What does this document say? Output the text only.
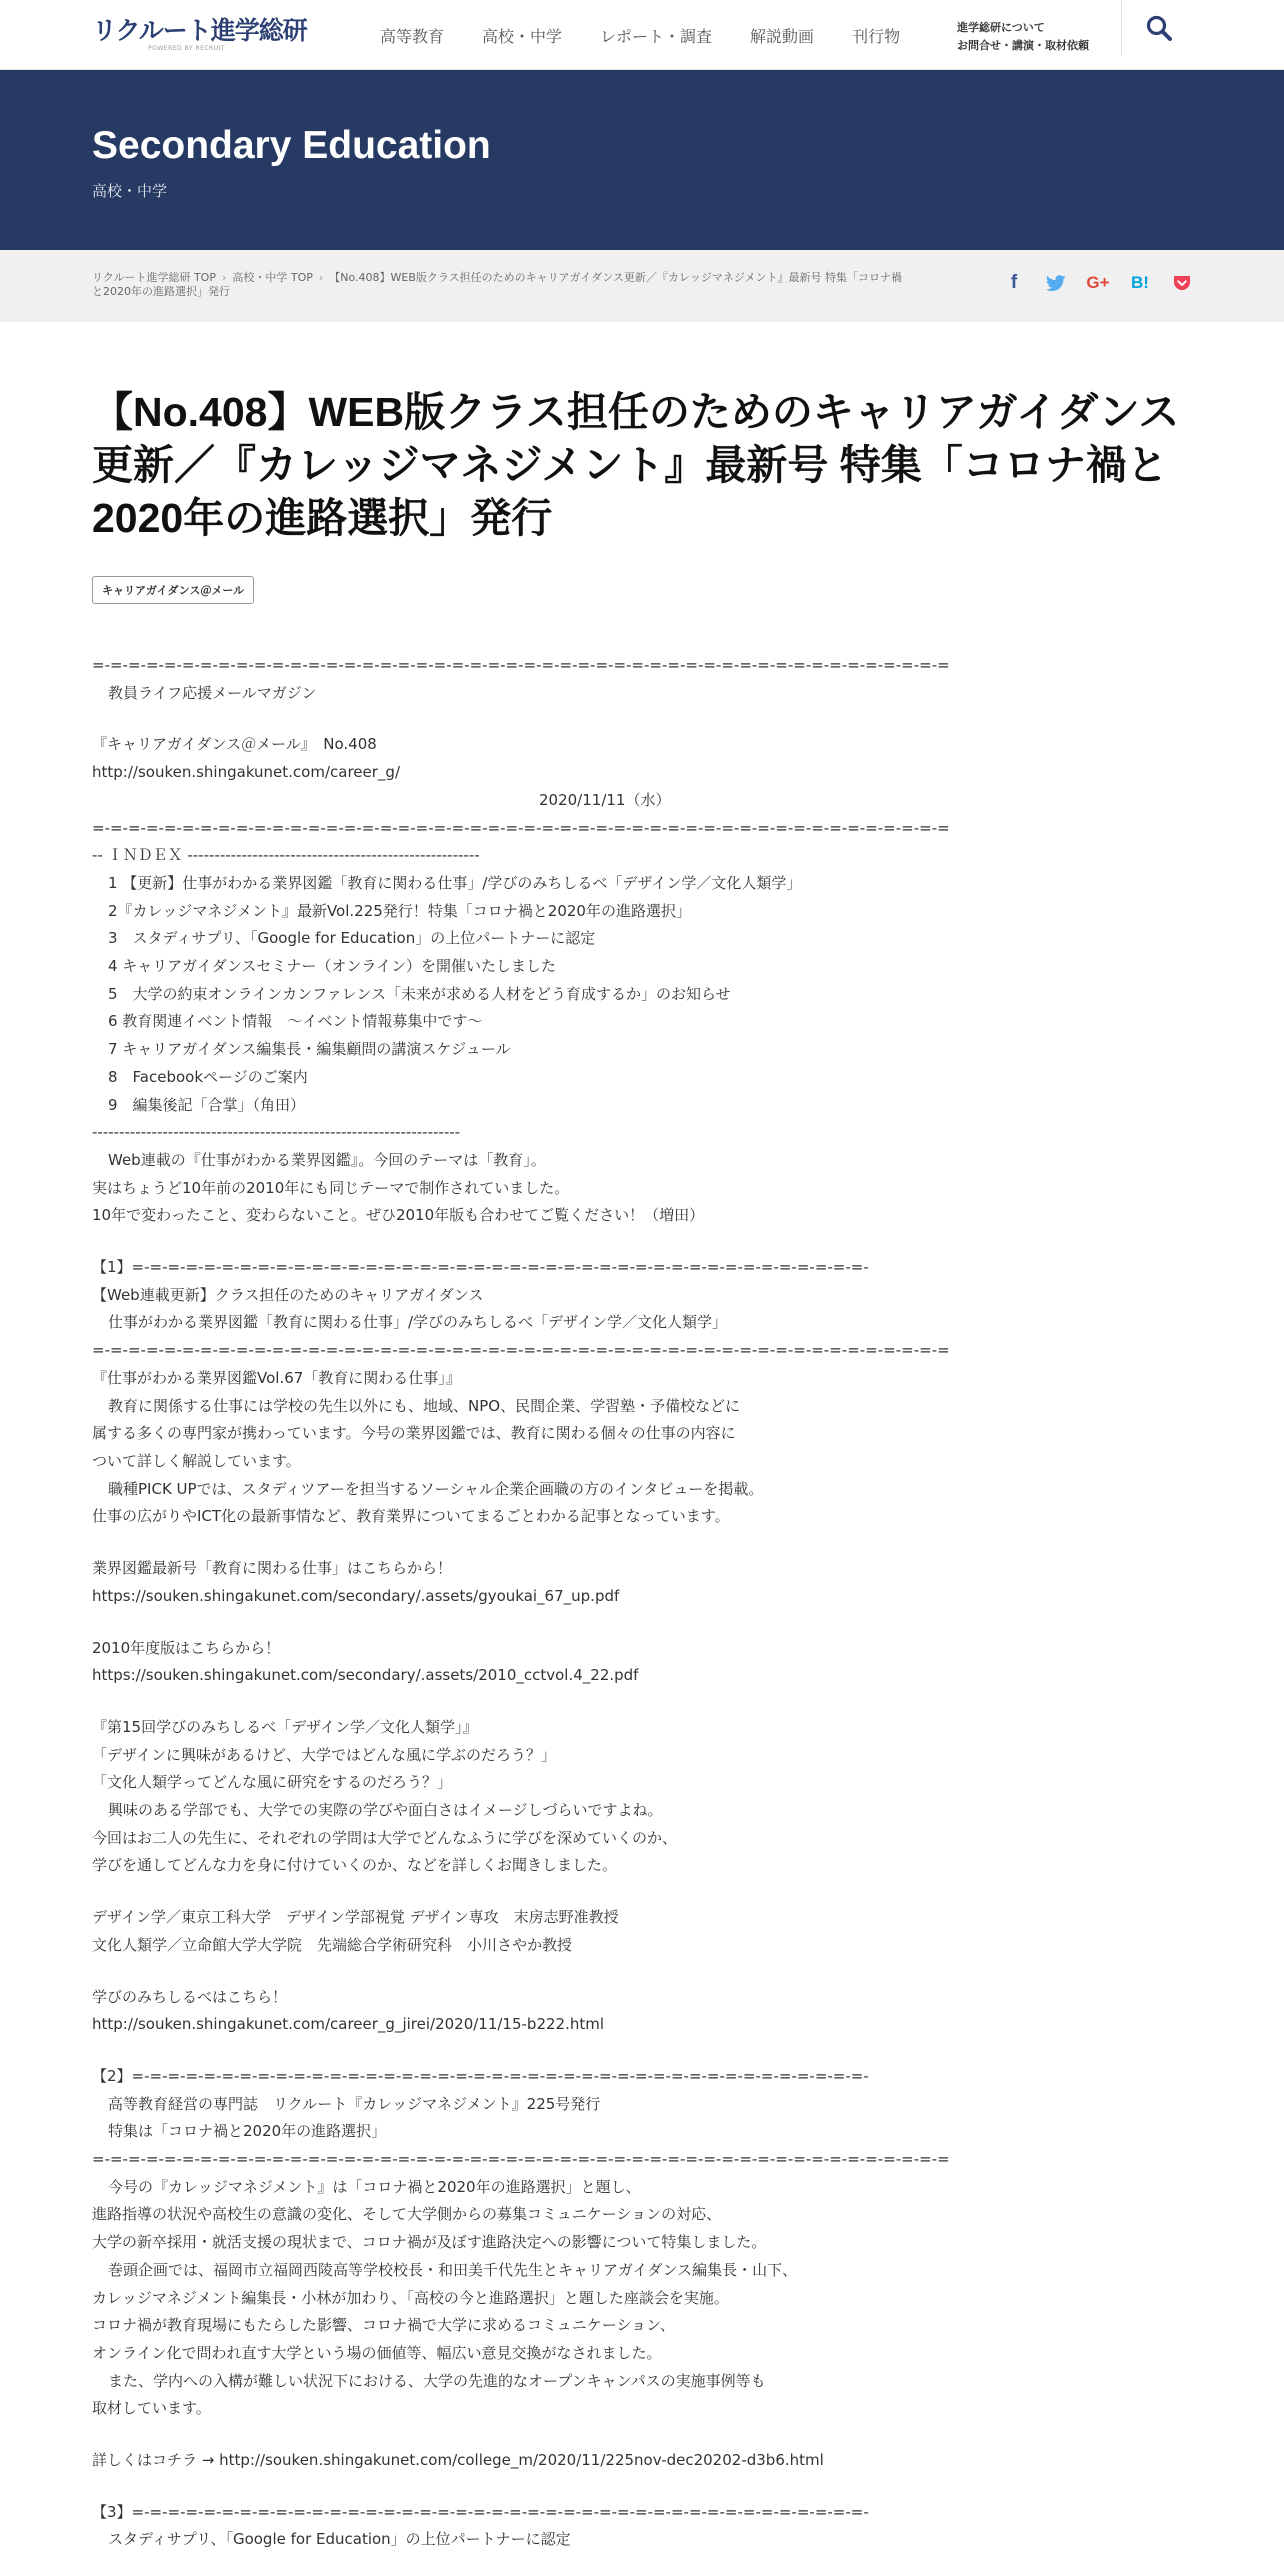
リクルート進学総研
POWERED BY RECRUIT
高等教育 高校・中学 レポート・調査 解説動画 刊行物	進学総研について
お問合せ・講演・取材依頼
Secondary Education
高校・中学
リクルート進学総研 TOP › 高校・中学 TOP › 【No.408】WEB版クラス担任のためのキャリアガイダンス更新／『カレッジマネジメント』最新号 特集「コロナ禍
と2020年の進路選択」発行	f	G+ B!
【No.408】WEB版クラス担任のためのキャリアガイダンス更新／『カレッジマネジメント』最新号 特集「コロナ禍と2020年の進路選択」発行
キャリアガイダンス＠メール
=-=-=-=-=-=-=-=-=-=-=-=-=-=-=-=-=-=-=-=-=-=-=-=-=-=-=-=-=-=-=-=-=-=-=-=-=-=-=-=-=-=-=-=-=-=-=-=
教員ライフ応援メールマガジン
『キャリアガイダンス＠メール』　No.408
http://souken.shingakunet.com/career_g/
2020/11/11（水）
=-=-=-=-=-=-=-=-=-=-=-=-=-=-=-=-=-=-=-=-=-=-=-=-=-=-=-=-=-=-=-=-=-=-=-=-=-=-=-=-=-=-=-=-=-=-=-=
-- ＩＮＤＥＸ ------------------------------------------------------
1 【更新】仕事がわかる業界図鑑「教育に関わる仕事」/学びのみちしるべ「デザイン学／文化人類学」
2『カレッジマネジメント』最新Vol.225発行！特集「コロナ禍と2020年の進路選択」
3　スタディサプリ、「Google for Education」の上位パートナーに認定
4 キャリアガイダンスセミナー（オンライン）を開催いたしました
5　大学の約束オンラインカンファレンス「未来が求める人材をどう育成するか」のお知らせ
6 教育関連イベント情報　～イベント情報募集中です～
7 キャリアガイダンス編集長・編集顧問の講演スケジュール
8　Facebookページのご案内
9　編集後記「合掌」（角田）
--------------------------------------------------------------------
Web連載の『仕事がわかる業界図鑑』。今回のテーマは「教育」。
実はちょうど10年前の2010年にも同じテーマで制作されていました。
10年で変わったこと、変わらないこと。ぜひ2010年版も合わせてご覧ください！（増田）
【1】=-=-=-=-=-=-=-=-=-=-=-=-=-=-=-=-=-=-=-=-=-=-=-=-=-=-=-=-=-=-=-=-=-=-=-=-=-=-=-=-=-
【Web連載更新】クラス担任のためのキャリアガイダンス
仕事がわかる業界図鑑「教育に関わる仕事」/学びのみちしるべ「デザイン学／文化人類学」
=-=-=-=-=-=-=-=-=-=-=-=-=-=-=-=-=-=-=-=-=-=-=-=-=-=-=-=-=-=-=-=-=-=-=-=-=-=-=-=-=-=-=-=-=-=-=-=
『仕事がわかる業界図鑑Vol.67「教育に関わる仕事」』
教育に関係する仕事には学校の先生以外にも、地域、NPO、民間企業、学習塾・予備校などに
属する多くの専門家が携わっています。今号の業界図鑑では、教育に関わる個々の仕事の内容に
ついて詳しく解説しています。
職種PICK UPでは、スタディツアーを担当するソーシャル企業企画職の方のインタビューを掲載。
仕事の広がりやICT化の最新事情など、教育業界についてまるごとわかる記事となっています。
業界図鑑最新号「教育に関わる仕事」はこちらから！
https://souken.shingakunet.com/secondary/.assets/gyoukai_67_up.pdf
2010年度版はこちらから！
https://souken.shingakunet.com/secondary/.assets/2010_cctvol.4_22.pdf
『第15回学びのみちしるべ「デザイン学／文化人類学」』
「デザインに興味があるけど、大学ではどんな風に学ぶのだろう？」
「文化人類学ってどんな風に研究をするのだろう？」
興味のある学部でも、大学での実際の学びや面白さはイメージしづらいですよね。
今回はお二人の先生に、それぞれの学問は大学でどんなふうに学びを深めていくのか、
学びを通してどんな力を身に付けていくのか、などを詳しくお聞きしました。
デザイン学／東京工科大学　デザイン学部視覚 デザイン専攻　末房志野准教授
文化人類学／立命館大学大学院　先端総合学術研究科　小川さやか教授
学びのみちしるべはこちら！
http://souken.shingakunet.com/career_g_jirei/2020/11/15-b222.html
【2】=-=-=-=-=-=-=-=-=-=-=-=-=-=-=-=-=-=-=-=-=-=-=-=-=-=-=-=-=-=-=-=-=-=-=-=-=-=-=-=-=-
高等教育経営の専門誌　リクルート『カレッジマネジメント』225号発行
特集は「コロナ禍と2020年の進路選択」
=-=-=-=-=-=-=-=-=-=-=-=-=-=-=-=-=-=-=-=-=-=-=-=-=-=-=-=-=-=-=-=-=-=-=-=-=-=-=-=-=-=-=-=-=-=-=-=
今号の『カレッジマネジメント』は「コロナ禍と2020年の進路選択」と題し、
進路指導の状況や高校生の意識の変化、そして大学側からの募集コミュニケーションの対応、
大学の新卒採用・就活支援の現状まで、コロナ禍が及ぼす進路決定への影響について特集しました。
巻頭企画では、福岡市立福岡西陵高等学校校長・和田美千代先生とキャリアガイダンス編集長・山下、
カレッジマネジメント編集長・小林が加わり、「高校の今と進路選択」と題した座談会を実施。
コロナ禍が教育現場にもたらした影響、コロナ禍で大学に求めるコミュニケーション、
オンライン化で問われ直す大学という場の価値等、幅広い意見交換がなされました。
また、学内への入構が難しい状況下における、大学の先進的なオープンキャンパスの実施事例等も
取材しています。
詳しくはコチラ → http://souken.shingakunet.com/college_m/2020/11/225nov-dec20202-d3b6.html
【3】=-=-=-=-=-=-=-=-=-=-=-=-=-=-=-=-=-=-=-=-=-=-=-=-=-=-=-=-=-=-=-=-=-=-=-=-=-=-=-=-=-
スタディサプリ、「Google for Education」の上位パートナーに認定
